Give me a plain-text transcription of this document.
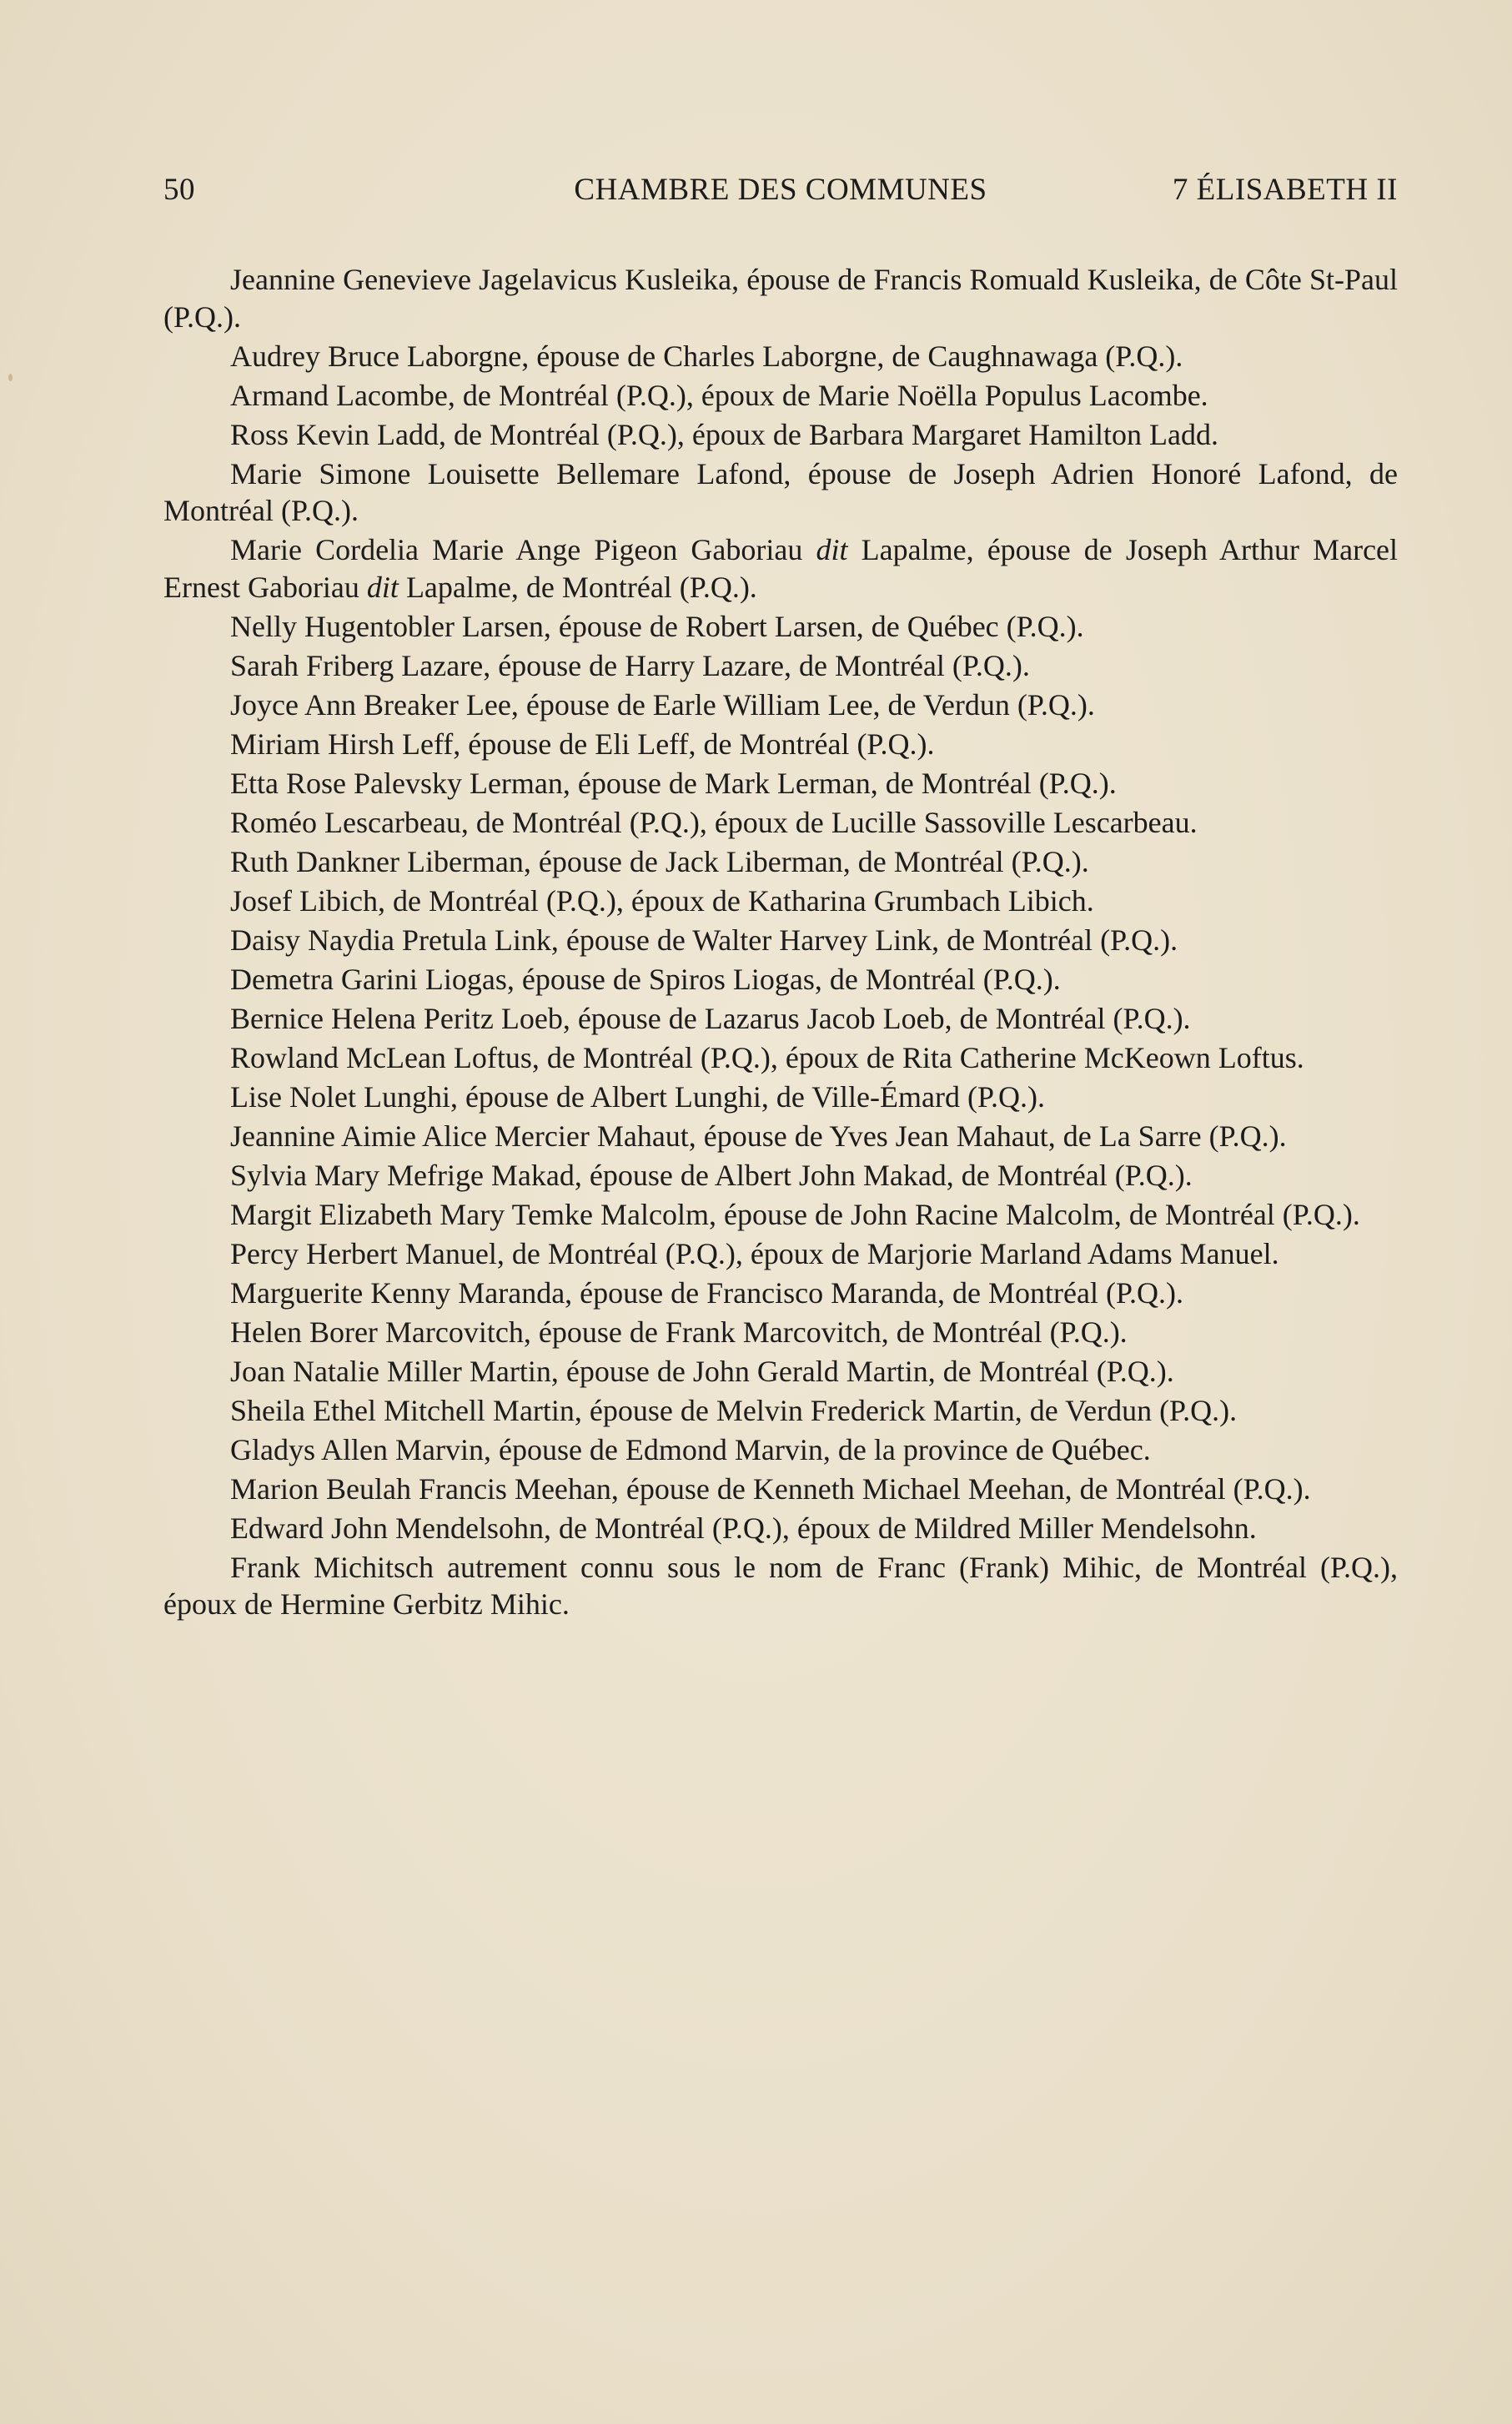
50	CHAMBRE DES COMMUNES	7 ÉLISABETH II

Jeannine Genevieve Jagelavicus Kusleika, épouse de Francis Romuald Kusleika, de Côte St-Paul (P.Q.).

Audrey Bruce Laborgne, épouse de Charles Laborgne, de Caughnawaga (P.Q.).

Armand Lacombe, de Montréal (P.Q.), époux de Marie Noëlla Populus Lacombe.

Ross Kevin Ladd, de Montréal (P.Q.), époux de Barbara Margaret Hamilton Ladd.

Marie Simone Louisette Bellemare Lafond, épouse de Joseph Adrien Honoré Lafond, de Montréal (P.Q.).

Marie Cordelia Marie Ange Pigeon Gaboriau dit Lapalme, épouse de Joseph Arthur Marcel Ernest Gaboriau dit Lapalme, de Montréal (P.Q.).

Nelly Hugentobler Larsen, épouse de Robert Larsen, de Québec (P.Q.).

Sarah Friberg Lazare, épouse de Harry Lazare, de Montréal (P.Q.).

Joyce Ann Breaker Lee, épouse de Earle William Lee, de Verdun (P.Q.).

Miriam Hirsh Leff, épouse de Eli Leff, de Montréal (P.Q.).

Etta Rose Palevsky Lerman, épouse de Mark Lerman, de Montréal (P.Q.).

Roméo Lescarbeau, de Montréal (P.Q.), époux de Lucille Sassoville Lescarbeau.

Ruth Dankner Liberman, épouse de Jack Liberman, de Montréal (P.Q.).

Josef Libich, de Montréal (P.Q.), époux de Katharina Grumbach Libich.

Daisy Naydia Pretula Link, épouse de Walter Harvey Link, de Montréal (P.Q.).

Demetra Garini Liogas, épouse de Spiros Liogas, de Montréal (P.Q.).

Bernice Helena Peritz Loeb, épouse de Lazarus Jacob Loeb, de Montréal (P.Q.).

Rowland McLean Loftus, de Montréal (P.Q.), époux de Rita Catherine McKeown Loftus.

Lise Nolet Lunghi, épouse de Albert Lunghi, de Ville-Émard (P.Q.).

Jeannine Aimie Alice Mercier Mahaut, épouse de Yves Jean Mahaut, de La Sarre (P.Q.).

Sylvia Mary Mefrige Makad, épouse de Albert John Makad, de Montréal (P.Q.).

Margit Elizabeth Mary Temke Malcolm, épouse de John Racine Malcolm, de Montréal (P.Q.).

Percy Herbert Manuel, de Montréal (P.Q.), époux de Marjorie Marland Adams Manuel.

Marguerite Kenny Maranda, épouse de Francisco Maranda, de Montréal (P.Q.).

Helen Borer Marcovitch, épouse de Frank Marcovitch, de Montréal (P.Q.).

Joan Natalie Miller Martin, épouse de John Gerald Martin, de Montréal (P.Q.).

Sheila Ethel Mitchell Martin, épouse de Melvin Frederick Martin, de Verdun (P.Q.).

Gladys Allen Marvin, épouse de Edmond Marvin, de la province de Québec.

Marion Beulah Francis Meehan, épouse de Kenneth Michael Meehan, de Montréal (P.Q.).

Edward John Mendelsohn, de Montréal (P.Q.), époux de Mildred Miller Mendelsohn.

Frank Michitsch autrement connu sous le nom de Franc (Frank) Mihic, de Montréal (P.Q.), époux de Hermine Gerbitz Mihic.
